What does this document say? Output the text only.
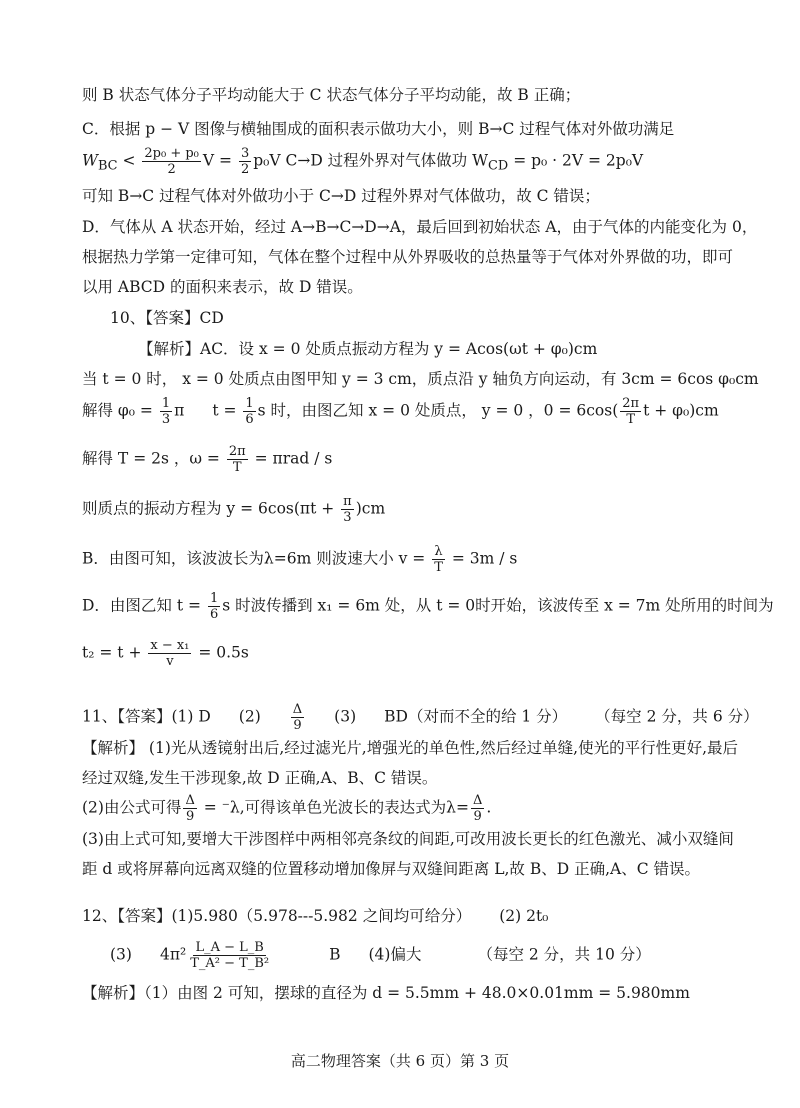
则 B 状态气体分子平均动能大于 C 状态气体分子平均动能，故 B 正确；
C．根据 p − V 图像与横轴围成的面积表示做功大小，则 B→C 过程气体对外做功满足
$W_{BC} < \frac{\text{2p₀ + p₀}}{2}$ $V = \frac{3}{2} p_0V$ C→D 过程外界对气体做功 $W_{CD} = p_0 \cdot 2V = 2p_0V$
可知 B→C 过程气体对外做功小于 C→D 过程外界对气体做功，故 C 错误；
D．气体从 A 状态开始，经过 A→B→C→D→A，最后回到初始状态 A，由于气体的内能变化为 0，
根据热力学第一定律可知，气体在整个过程中从外界吸收的总热量等于气体对外界做的功，即可
以用 ABCD 的面积来表示，故 D 错误。
10、【答案】CD
【解析】AC．设 x = 0 处质点振动方程为 y = Acos(ωt + φ₀)cm
当 t = 0 时， x = 0 处质点由图甲知 y = 3 cm，质点沿 y 轴负方向运动，有 3cm = 6cos φ₀cm
解得 $\varphi_0 = \frac{1}{3}$ π $t = \frac{1}{6}$ s 时，由图乙知 x = 0 处质点， y = 0 ，$0 = 6\cos( \frac{2\pi}{T}$ t + φ₀)cm
解得 T = 2s ，$\omega = \frac{2\pi}{T} = \pi rad / s$
则质点的振动方程为 $y = 6\cos(\pi t + \frac{\pi}{3} )cm$
B．由图可知，该波波长为λ=6m 则波速大小 $v = \frac{\lambda}{T} = 3m / s$
D．由图乙知 $t = \frac{1}{6}$ s 时波传播到 x₁ = 6m 处，从 t = 0时开始，该波传至 x = 7m 处所用的时间为
$t_2 = t + \frac{\text{x − x₁}}{v} = 0.5s$
11、【答案】(1) D $(2) \frac{\Delta}{9} (3)$ BD（对而不全的给 1 分） （每空 2 分，共 6 分）
【解析】 (1)光从透镜射出后,经过滤光片,增强光的单色性,然后经过单缝,使光的平行性更好,最后
经过双缝,发生干涉现象,故 D 正确,A、B、C 错误。
(2)由公式可得 $\frac{\Delta}{9} = ^-\lambda$,可得该单色光波长的表达式为$\lambda= \frac{\Delta}{9}$ .
(3)由上式可知,要增大干涉图样中两相邻亮条纹的间距,可改用波长更长的红色激光、减小双缝间
距 d 或将屏幕向远离双缝的位置移动增加像屏与双缝间距离 L,故 B、D 正确,A、C 错误。
12、【答案】(1)5.980（5.978---5.982 之间均可给分） (2) 2t₀
(3) $4\pi^2 \frac{L\_A - L\_B}{\text{T\_A² − T\_B²}}$	B (4)偏大	（每空 2 分，共 10 分）
【解析】（1）由图 2 可知，摆球的直径为 d = 5.5mm + 48.0×0.01mm = 5.980mm
高二物理答案（共 6 页）第 3 页
